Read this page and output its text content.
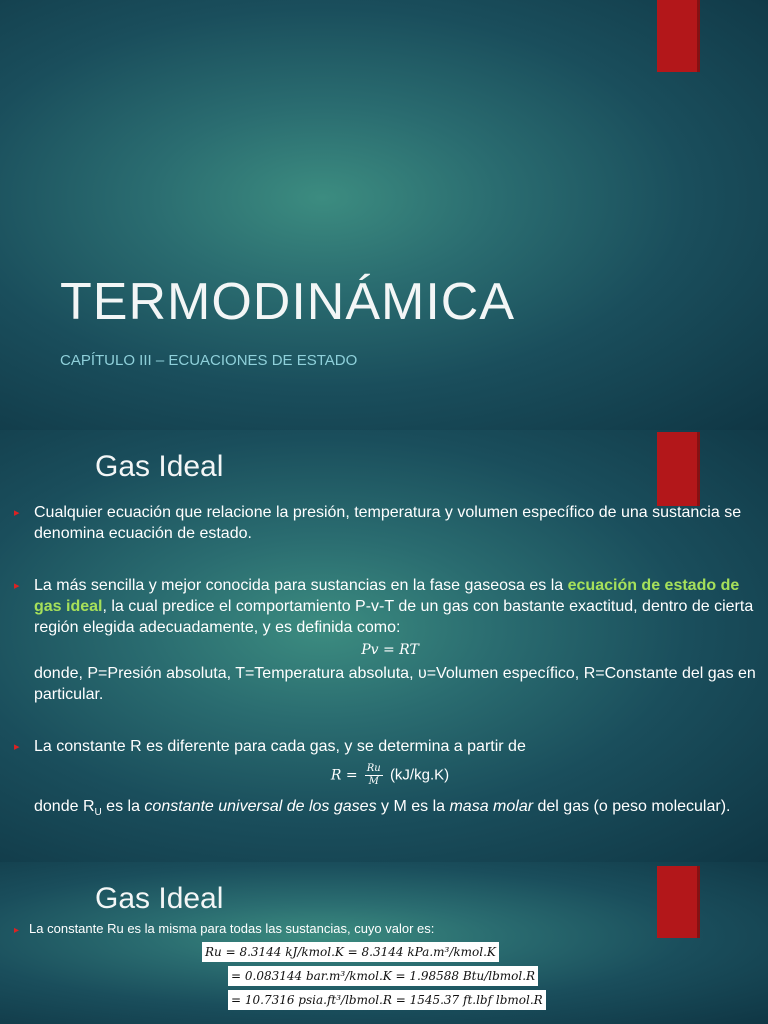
TERMODINÁMICA
CAPÍTULO III – ECUACIONES DE ESTADO
Gas Ideal

▸ Cualquier ecuación que relacione la presión, temperatura y volumen específico de una sustancia se denomina ecuación de estado.

▸ La más sencilla y mejor conocida para sustancias en la fase gaseosa es la ecuación de estado de gas ideal, la cual predice el comportamiento P-v-T de un gas con bastante exactitud, dentro de cierta región elegida adecuadamente, y es definida como:

Pv = RT

donde, P=Presión absoluta, T=Temperatura absoluta, υ=Volumen específico, R=Constante del gas en particular.

▸ La constante R es diferente para cada gas, y se determina a partir de

$R = \frac{Ru}{M} (kJ/kg.K)$

donde $R_U$ es la constante universal de los gases y M es la masa molar del gas (o peso molecular).

Gas Ideal
▸ La constante Ru es la misma para todas las sustancias, cuyo valor es:
Ru = 8.3144 kJ/kmol.K = 8.3144 kPa.m³/kmol.K
= 0.083144 bar.m³/kmol.K = 1.98588 Btu/lbmol.R
= 10.7316 psia.ft³/lbmol.R = 1545.37 ft.lbf lbmol.R
